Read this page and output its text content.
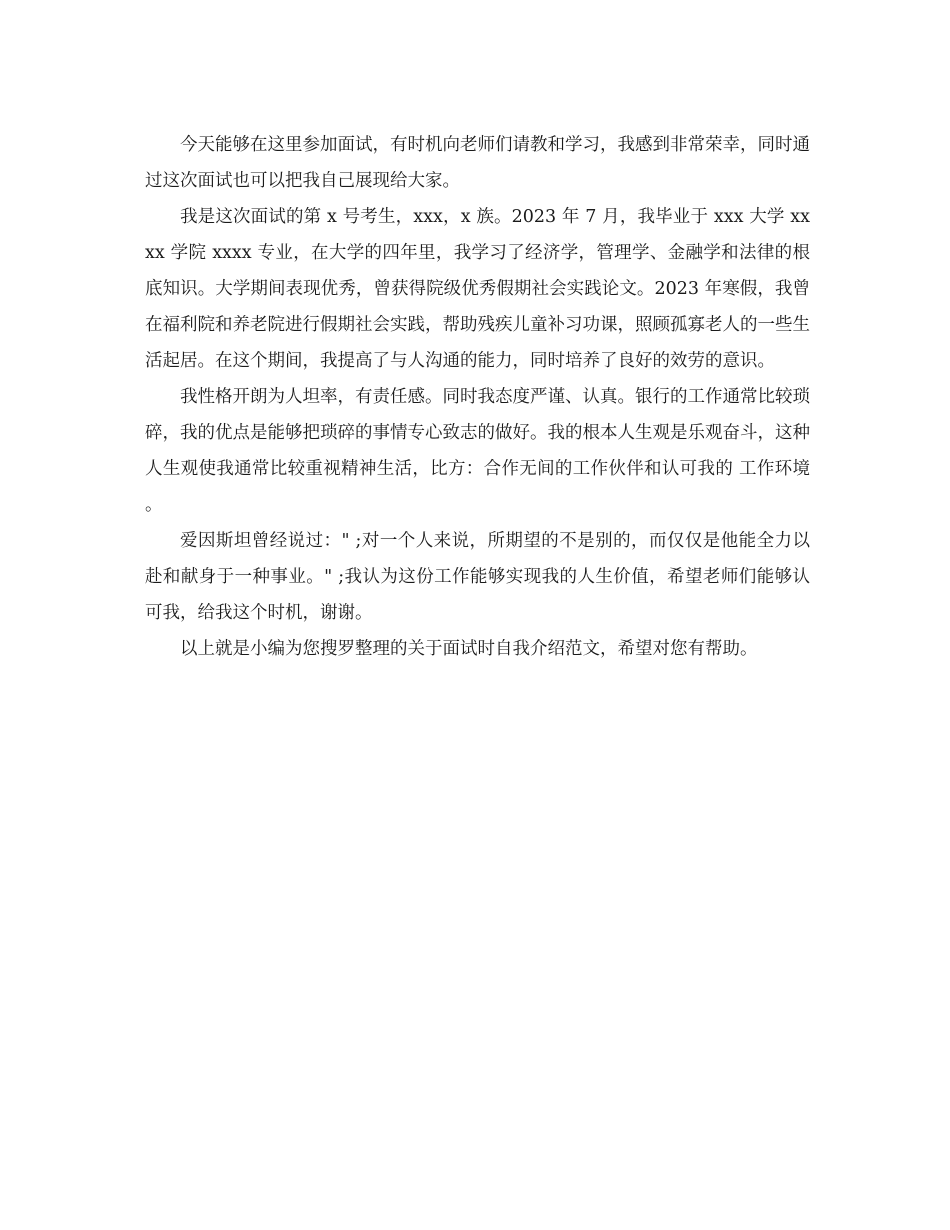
今天能够在这里参加面试，有时机向老师们请教和学习，我感到非常荣幸，同时通过这次面试也可以把我自己展现给大家。

我是这次面试的第 x 号考生，xxx，x 族。2023 年 7 月，我毕业于 xxx 大学 xxxx 学院 xxxx 专业，在大学的四年里，我学习了经济学，管理学、金融学和法律的根底知识。大学期间表现优秀，曾获得院级优秀假期社会实践论文。2023 年寒假，我曾在福利院和养老院进行假期社会实践，帮助残疾儿童补习功课，照顾孤寡老人的一些生活起居。在这个期间，我提高了与人沟通的能力，同时培养了良好的效劳的意识。

我性格开朗为人坦率，有责任感。同时我态度严谨、认真。银行的工作通常比较琐碎，我的优点是能够把琐碎的事情专心致志的做好。我的根本人生观是乐观奋斗，这种人生观使我通常比较重视精神生活，比方：合作无间的工作伙伴和认可我的 工作环境。

爱因斯坦曾经说过：" ;对一个人来说，所期望的不是别的，而仅仅是他能全力以赴和献身于一种事业。" ;我认为这份工作能够实现我的人生价值，希望老师们能够认可我，给我这个时机，谢谢。

以上就是小编为您搜罗整理的关于面试时自我介绍范文，希望对您有帮助。
